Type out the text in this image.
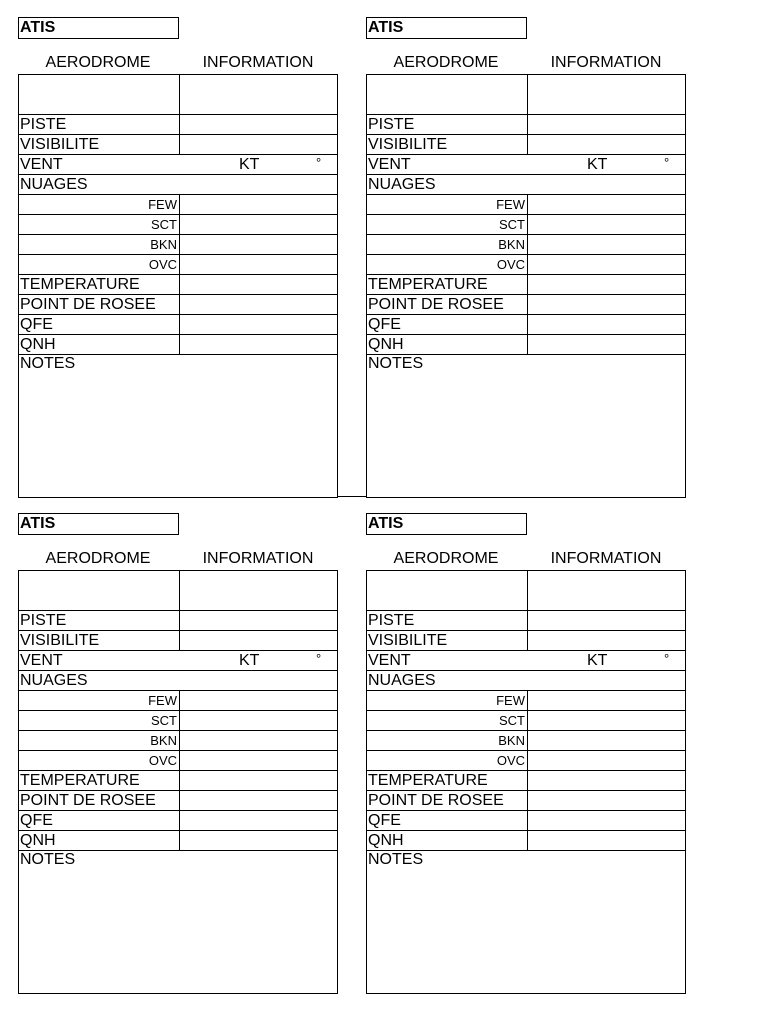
ATIS
AERODROME	INFORMATION
PISTE
VISIBILITE
VENT	KT	°
NUAGES
FEW
SCT
BKN
OVC
TEMPERATURE
POINT DE ROSEE
QFE
QNH
NOTES
ATIS
AERODROME	INFORMATION
PISTE
VISIBILITE
VENT	KT	°
NUAGES
FEW
SCT
BKN
OVC
TEMPERATURE
POINT DE ROSEE
QFE
QNH
NOTES
ATIS
AERODROME	INFORMATION
PISTE
VISIBILITE
VENT	KT	°
NUAGES
FEW
SCT
BKN
OVC
TEMPERATURE
POINT DE ROSEE
QFE
QNH
NOTES
ATIS
AERODROME	INFORMATION
PISTE
VISIBILITE
VENT	KT	°
NUAGES
FEW
SCT
BKN
OVC
TEMPERATURE
POINT DE ROSEE
QFE
QNH
NOTES
